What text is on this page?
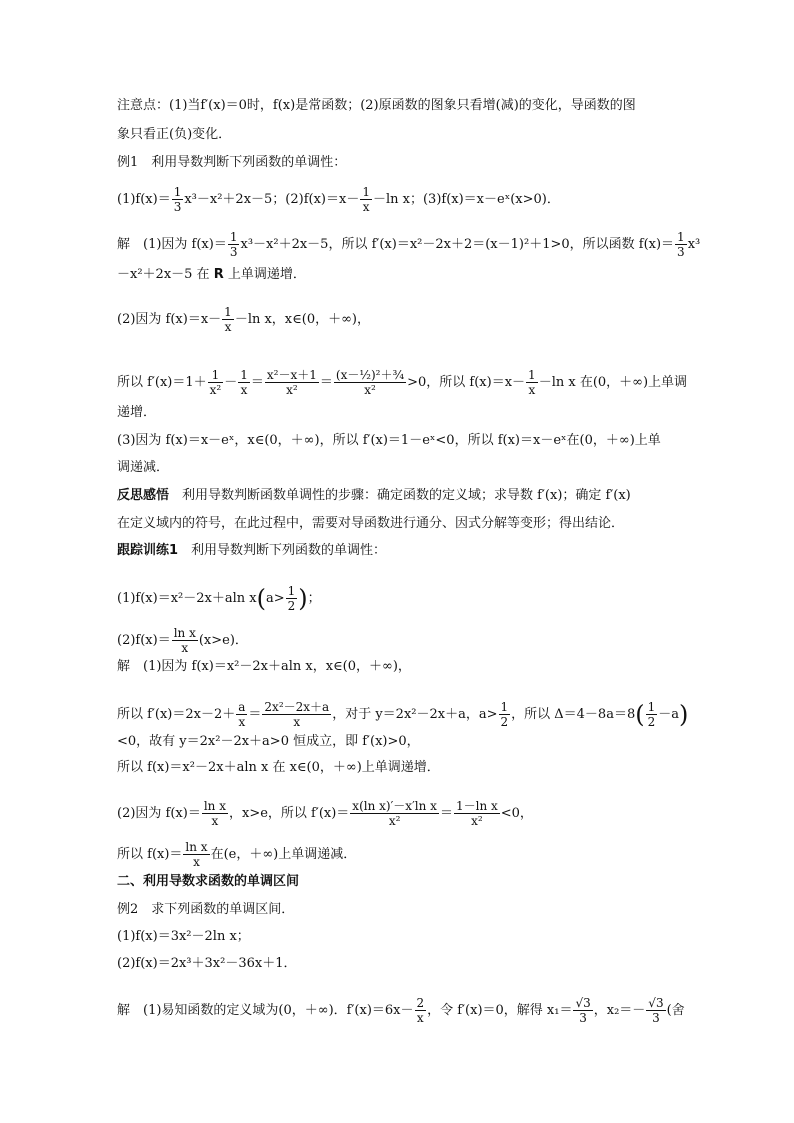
注意点：(1)当f′(x)＝0时，f(x)是常函数；(2)原函数的图象只看增(减)的变化，导函数的图
象只看正(负)变化．
例1　利用导数判断下列函数的单调性：
$(1)f(x)= \frac{1}{3} x^3-x^2+2x-5$；$(2)f(x)=x- \frac{1}{x} -\ln$ x；(3)f(x)＝x－eˣ(x>0)．
解　(1)因为 $f(x)= \frac{1}{3} x^3-x^2+2x-5$，所以 f′(x)＝x²－2x＋2＝(x－1)²＋1>0，所以函数 $f(x)= \frac{1}{3} x^3$
－x²＋2x－5 在 R 上单调递增．
(2)因为 $f(x)=x- \frac{1}{x} -\ln$ x，x∈(0，＋∞)，
所以 $f'(x)=1+ \frac{1}{\text{x²}} - \frac{1}{x} = \frac{\text{x²－x＋1}}{\text{x²}} = \frac{\text{(x－½)²＋¾}}{\text{x²}} >0$，所以 $f(x)=x- \frac{1}{x} -\ln$ x 在(0，＋∞)上单调
递增．
(3)因为 f(x)＝x－eˣ，x∈(0，＋∞)，所以 f′(x)＝1－eˣ<0，所以 f(x)＝x－eˣ在(0，＋∞)上单
调递减．
反思感悟　利用导数判断函数单调性的步骤：确定函数的定义域；求导数 f′(x)；确定 f′(x)
在定义域内的符号，在此过程中，需要对导函数进行通分、因式分解等变形；得出结论．
跟踪训练1　利用导数判断下列函数的单调性：
(1)f(x)＝x²－2x＋aln $x(a> \frac{1}{2}$ )；
$(2)f(x)= \frac{\text{ln x}}{x} (x>e)$．
解　(1)因为 f(x)＝x²－2x＋aln x，x∈(0，＋∞)，
所以 $f'(x)=2x-2+ \frac{a}{x} = \frac{\text{2x²－2x＋a}}{x}$ ，对于 y＝2x²－2x＋a，$a> \frac{1}{2}$ ，所以 $\Delta=4-8a=8( \frac{1}{2} -a)$
<0，故有 y＝2x²－2x＋a>0 恒成立，即 f′(x)>0，
所以 f(x)＝x²－2x＋aln x 在 x∈(0，＋∞)上单调递增．
(2)因为 $f(x)= \frac{\text{ln x}}{x}$ ，x>e，所以 $f'(x)= \frac{\text{x(ln x)′－x′ln x}}{\text{x²}} = \frac{\text{1－ln x}}{\text{x²}} <0$，
所以 $f(x)= \frac{\text{ln x}}{x}$ 在(e，＋∞)上单调递减．
二、利用导数求函数的单调区间
例2　求下列函数的单调区间．
(1)f(x)＝3x²－2ln x；
(2)f(x)＝2x³＋3x²－36x＋1．
解　(1)易知函数的定义域为(0，＋∞)．$f'(x)=6x- \frac{2}{x}$ ，令 f′(x)＝0，解得 $x_1= \frac{√3}{3}$ ，$x_2=- \frac{√3}{3}$ (舍
